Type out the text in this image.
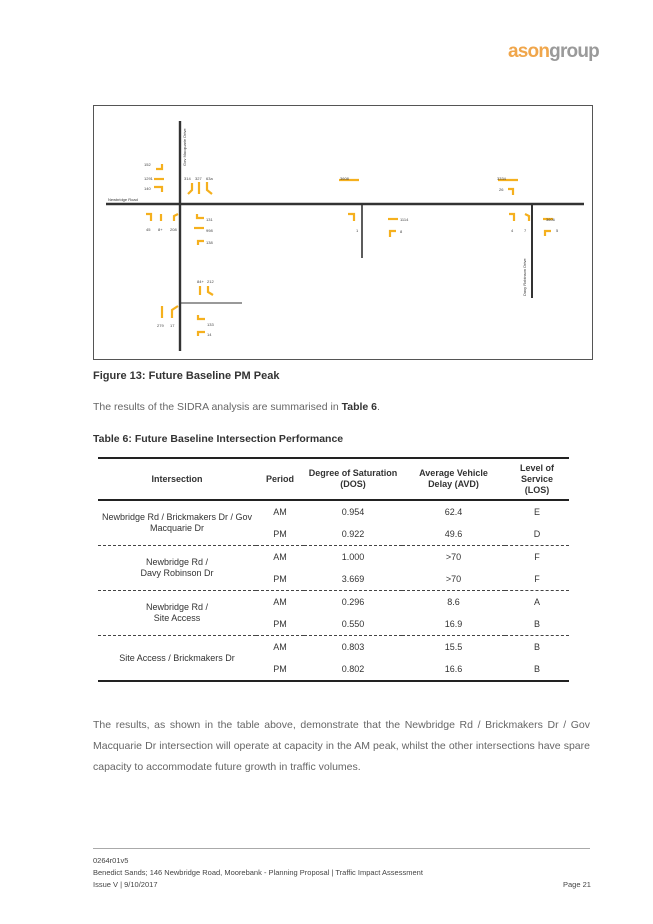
asongroup
Newbridge Road
Gov Macquarie Drive
Davy Robinson Drive
152
1291
140
314 327 63a
45 8+ 208
131
998
138
84+ 212
279 17	133
14
3608
1114
1	8
3334
26
3606
4	7	5
Figure 13: Future Baseline PM Peak
The results of the SIDRA analysis are summarised in Table 6.
Table 6: Future Baseline Intersection Performance
Intersection	Period	Degree of Saturation (DOS)	Average Vehicle Delay (AVD)	Level of Service (LOS)
Newbridge Rd / Brickmakers Dr / Gov Macquarie Dr	AM	0.954	62.4	E
	PM	0.922	49.6	D
Newbridge Rd / Davy Robinson Dr	AM	1.000	>70	F
	PM	3.669	>70	F
Newbridge Rd / Site Access	AM	0.296	8.6	A
	PM	0.550	16.9	B
Site Access / Brickmakers Dr	AM	0.803	15.5	B
	PM	0.802	16.6	B
The results, as shown in the table above, demonstrate that the Newbridge Rd / Brickmakers Dr / Gov Macquarie Dr intersection will operate at capacity in the AM peak, whilst the other intersections have spare capacity to accommodate future growth in traffic volumes.
0264r01v5
Benedict Sands; 146 Newbridge Road, Moorebank - Planning Proposal | Traffic Impact Assessment
Issue V | 9/10/2017	Page 21
